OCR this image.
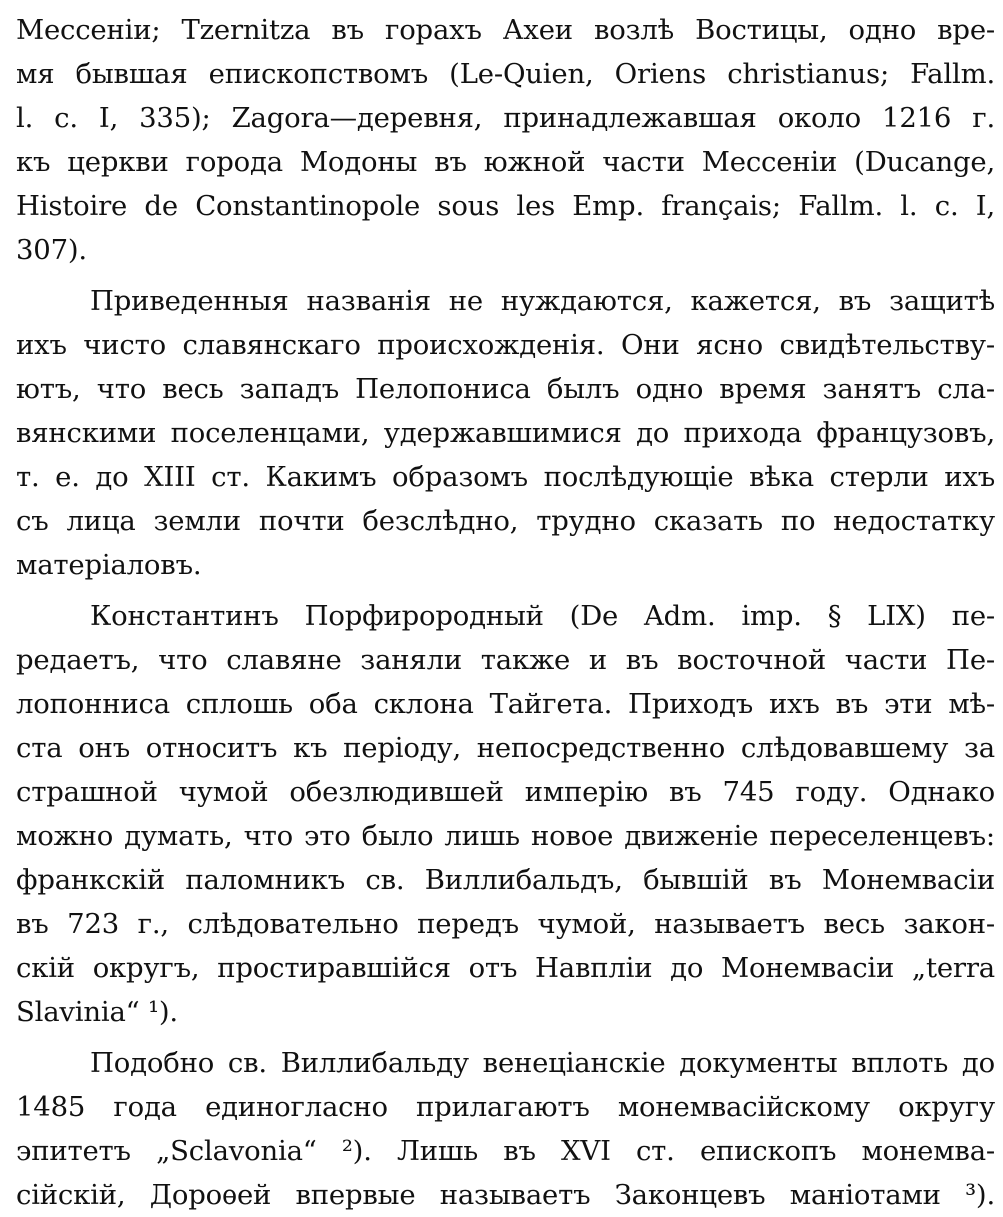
Мессеніи; Tzernitza въ горахъ Ахеи возлѣ Востицы, одно вре-
мя бывшая епископствомъ (Le-Quien, Oriens christianus; Fallm.
l. c. I, 335); Zagora—деревня, принадлежавшая около 1216 г.
къ церкви города Модоны въ южной части Мессеніи (Ducange,
Histoire de Constantinopole sous les Emp. français; Fallm. l. c. I,
307).
Приведенныя названія не нуждаются, кажется, въ защитѣ
ихъ чисто славянскаго происхожденія. Они ясно свидѣтельству-
ютъ, что весь западъ Пелопониса былъ одно время занятъ сла-
вянскими поселенцами, удержавшимися до прихода французовъ,
т. е. до XIII ст. Какимъ образомъ послѣдующіе вѣка стерли ихъ
съ лица земли почти безслѣдно, трудно сказать по недостатку
матеріаловъ.
Константинъ Порфирородный (De Adm. imp. § LIX) пе-
редаетъ, что славяне заняли также и въ восточной части Пе-
лопонниса сплошь оба склона Тайгета. Приходъ ихъ въ эти мѣ-
ста онъ относитъ къ періоду, непосредственно слѣдовавшему за
страшной чумой обезлюдившей имперію въ 745 году. Однако
можно думать, что это было лишь новое движеніе переселенцевъ:
франкскій паломникъ св. Виллибальдъ, бывшій въ Монемвасіи
въ 723 г., слѣдовательно передъ чумой, называетъ весь закон-
скій округъ, простиравшійся отъ Навпліи до Монемвасіи „terra
Slavinia“ ¹).
Подобно св. Виллибальду венеціанскіе документы вплоть до
1485 года единогласно прилагаютъ монемвасійскому округу
эпитетъ „Sclavonia“ ²). Лишь въ XVI ст. епископъ монемва-
сійскій, Дороѳей впервые называетъ Законцевъ маніотами ³).
